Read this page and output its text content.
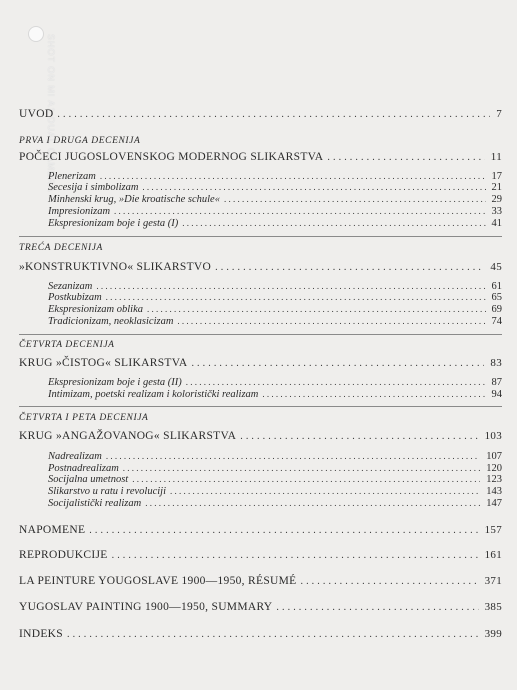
SHOT ON MI A1 DUAL CAMERA
UVOD . . .	7
PRVA I DRUGA DECENIJA
POČECI JUGOSLOVENSKOG MODERNOG SLIKARSTVA . . .	11
Plenerizam . . .	17
Secesija i simbolizam . . .	21
Minhenski krug, »Die kroatische schule« . . .	29
Impresionizam . . .	33
Ekspresionizam boje i gesta (I) . . .	41
TREĆA DECENIJA
»KONSTRUKTIVNO« SLIKARSTVO . . .	45
Sezanizam . . .	61
Postkubizam . . .	65
Ekspresionizam oblika . . .	69
Tradicionizam, neoklasicizam . . .	74
ČETVRTA DECENIJA
KRUG »ČISTOG« SLIKARSTVA . . .	83
Ekspresionizam boje i gesta (II) . . .	87
Intimizam, poetski realizam i koloristički realizam . . .	94
ČETVRTA I PETA DECENIJA
KRUG »ANGAŽOVANOG« SLIKARSTVA . . .	103
Nadrealizam . . .	107
Postnadrealizam . . .	120
Socijalna umetnost . . .	123
Slikarstvo u ratu i revoluciji . . .	143
Socijalistički realizam . . .	147
NAPOMENE . . .	157
REPRODUKCIJE . . .	161
LA PEINTURE YOUGOSLAVE 1900—1950, RÉSUMÉ . . .	371
YUGOSLAV PAINTING 1900—1950, SUMMARY . . .	385
INDEKS . . .	399
